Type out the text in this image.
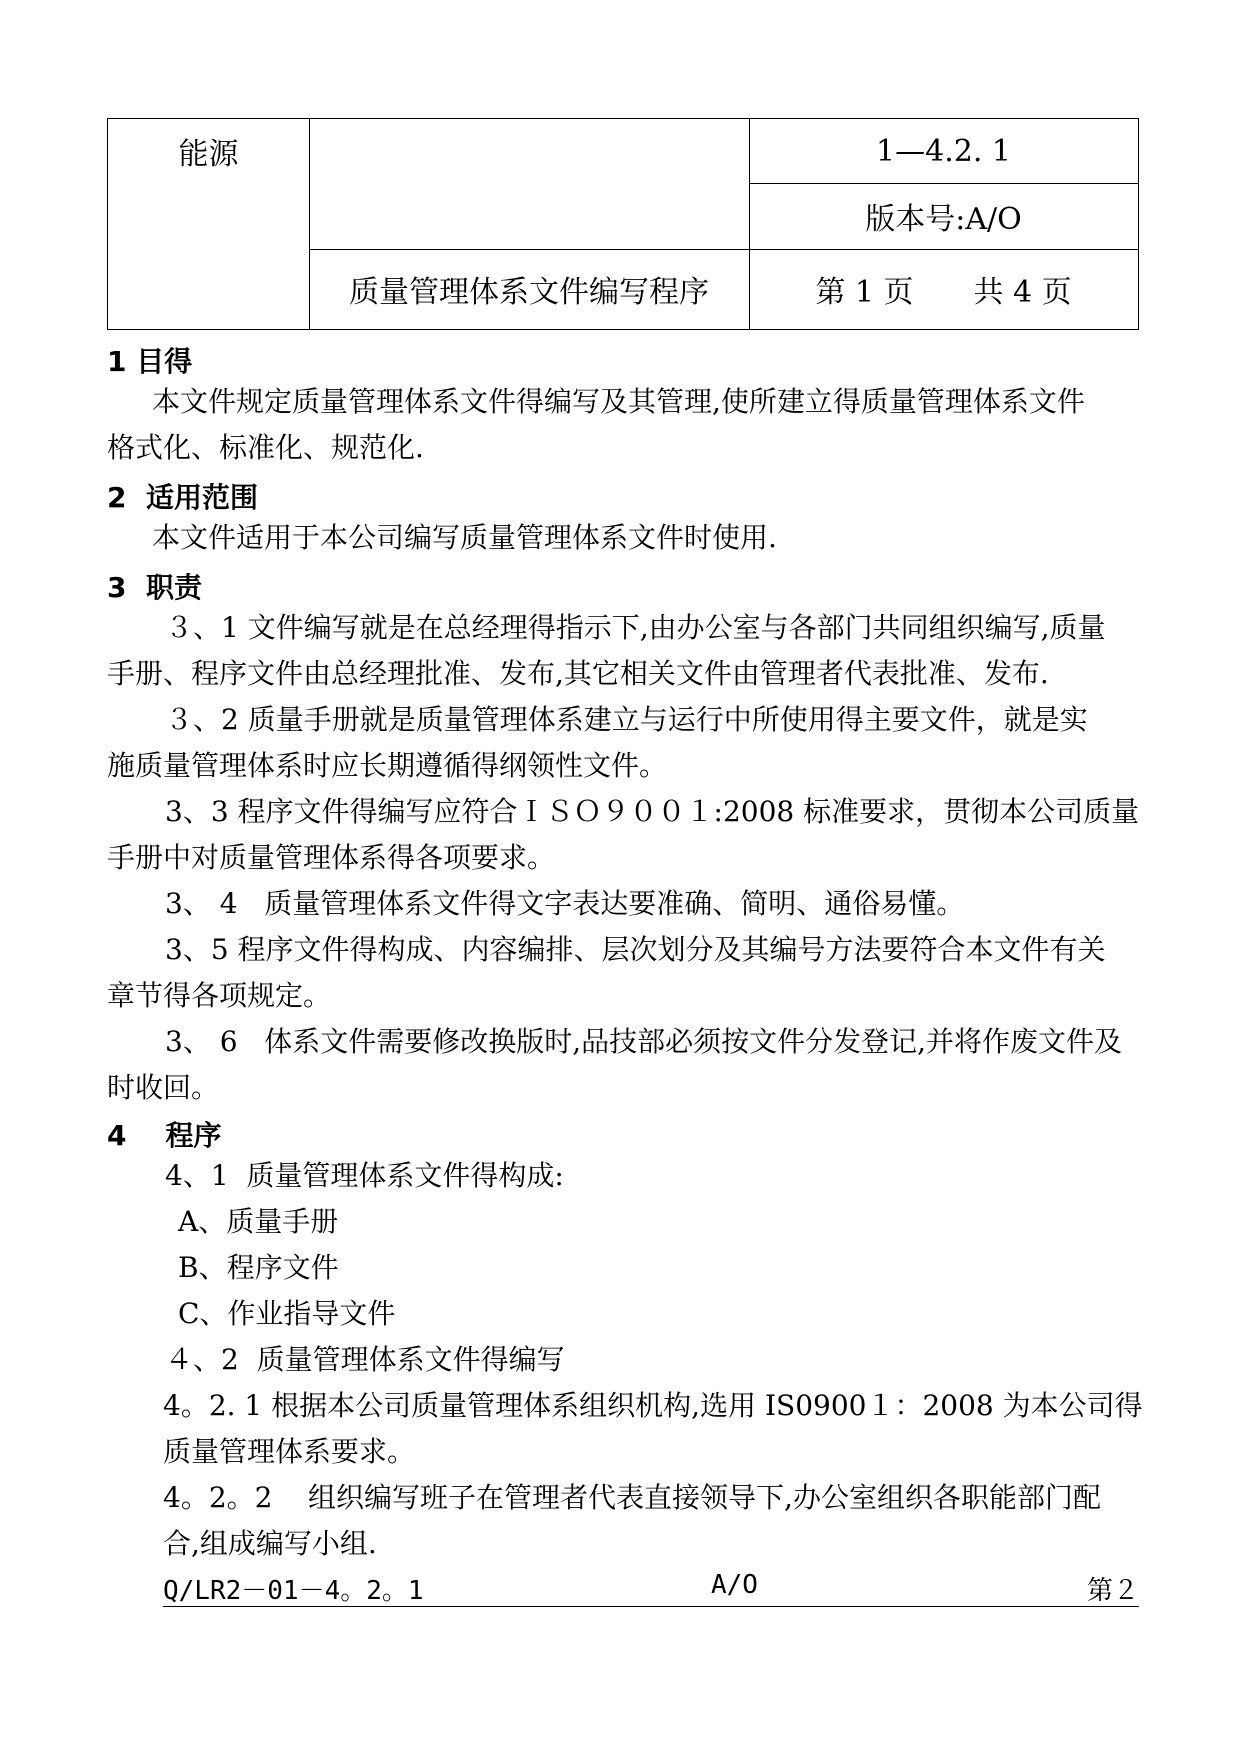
能源	1—4.2. 1
版本号:A/O
质量管理体系文件编写程序	第 1 页　　共 4 页
1 目得
本文件规定质量管理体系文件得编写及其管理,使所建立得质量管理体系文件
格式化、标准化、规范化.
2  适用范围
本文件适用于本公司编写质量管理体系文件时使用.
3  职责
３、1 文件编写就是在总经理得指示下,由办公室与各部门共同组织编写,质量
手册、程序文件由总经理批准、发布,其它相关文件由管理者代表批准、发布.
３、2 质量手册就是质量管理体系建立与运行中所使用得主要文件，就是实
施质量管理体系时应长期遵循得纲领性文件。
3、3 程序文件得编写应符合ＩＳＯ９００１:2008 标准要求，贯彻本公司质量
手册中对质量管理体系得各项要求。
3、 4   质量管理体系文件得文字表达要准确、简明、通俗易懂。
3、5 程序文件得构成、内容编排、层次划分及其编号方法要符合本文件有关
章节得各项规定。
3、 6   体系文件需要修改换版时,品技部必须按文件分发登记,并将作废文件及
时收回。
4    程序
4、1  质量管理体系文件得构成:
A、质量手册
B、程序文件
C、作业指导文件
４、2  质量管理体系文件得编写
4。2. 1 根据本公司质量管理体系组织机构,选用 IS0900１：2008 为本公司得
质量管理体系要求。
4。2。2    组织编写班子在管理者代表直接领导下,办公室组织各职能部门配
合,组成编写小组.
Q/LR2－01－4。2。1	A/O	第２
